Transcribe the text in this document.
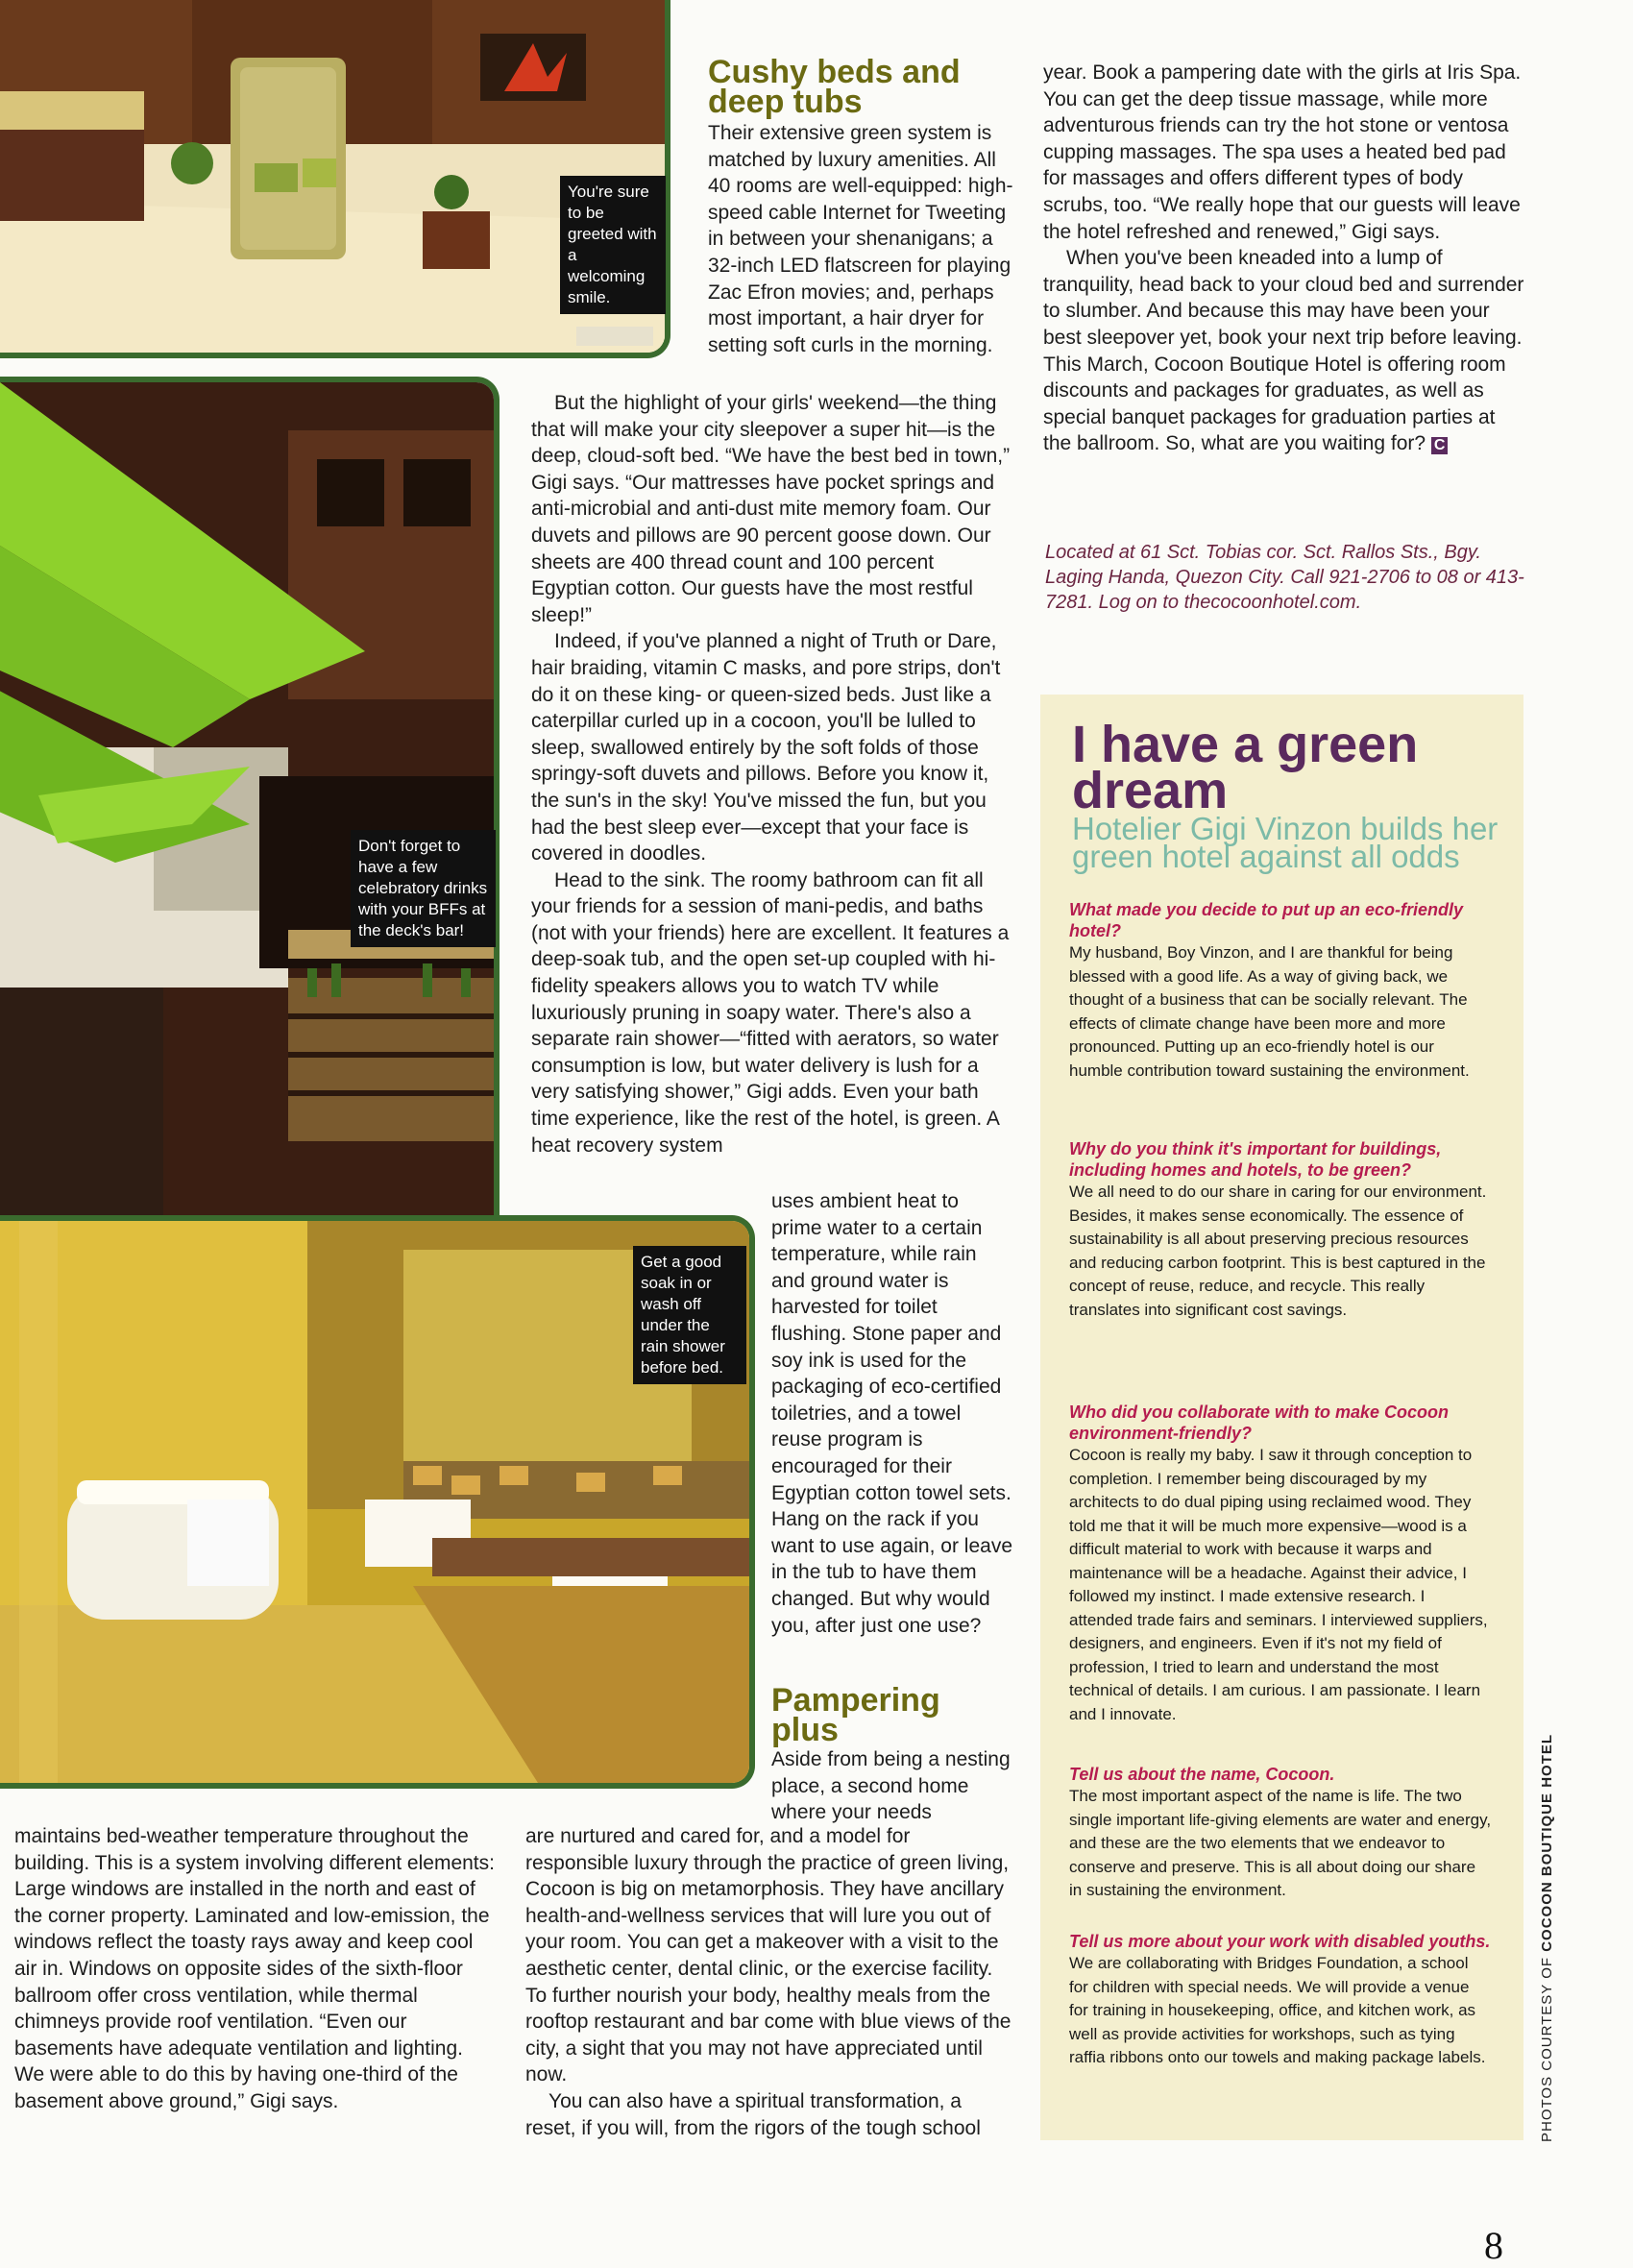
You're sure to be greeted with a welcoming smile.
Don't forget to have a few celebratory drinks with your BFFs at the deck's bar!
Get a good soak in or wash off under the rain shower before bed.
Cushy beds and deep tubs

Their extensive green system is matched by luxury amenities. All 40 rooms are well-equipped: high-speed cable Internet for Tweeting in between your shenanigans; a 32-inch LED flatscreen for playing Zac Efron movies; and, perhaps most important, a hair dryer for setting soft curls in the morning.

But the highlight of your girls' weekend—the thing that will make your city sleepover a super hit—is the deep, cloud-soft bed. “We have the best bed in town,” Gigi says. “Our mattresses have pocket springs and anti-microbial and anti-dust mite memory foam. Our duvets and pillows are 90 percent goose down. Our sheets are 400 thread count and 100 percent Egyptian cotton. Our guests have the most restful sleep!”

Indeed, if you've planned a night of Truth or Dare, hair braiding, vitamin C masks, and pore strips, don't do it on these king- or queen-sized beds. Just like a caterpillar curled up in a cocoon, you'll be lulled to sleep, swallowed entirely by the soft folds of those springy-soft duvets and pillows. Before you know it, the sun's in the sky! You've missed the fun, but you had the best sleep ever—except that your face is covered in doodles.

Head to the sink. The roomy bathroom can fit all your friends for a session of mani-pedis, and baths (not with your friends) here are excellent. It features a deep-soak tub, and the open set-up coupled with hi-fidelity speakers allows you to watch TV while luxuriously pruning in soapy water. There's also a separate rain shower—“fitted with aerators, so water consumption is low, but water delivery is lush for a very satisfying shower,” Gigi adds. Even your bath time experience, like the rest of the hotel, is green. A heat recovery system

uses ambient heat to prime water to a certain temperature, while rain and ground water is harvested for toilet flushing. Stone paper and soy ink is used for the packaging of eco-certified toiletries, and a towel reuse program is encouraged for their Egyptian cotton towel sets. Hang on the rack if you want to use again, or leave in the tub to have them changed. But why would you, after just one use?

Pampering plus

Aside from being a nesting place, a second home where your needs

maintains bed-weather temperature throughout the building. This is a system involving different elements: Large windows are installed in the north and east of the corner property. Laminated and low-emission, the windows reflect the toasty rays away and keep cool air in. Windows on opposite sides of the sixth-floor ballroom offer cross ventilation, while thermal chimneys provide roof ventilation. “Even our basements have adequate ventilation and lighting. We were able to do this by having one-third of the basement above ground,” Gigi says.

are nurtured and cared for, and a model for responsible luxury through the practice of green living, Cocoon is big on metamorphosis. They have ancillary health-and-wellness services that will lure you out of your room. You can get a makeover with a visit to the aesthetic center, dental clinic, or the exercise facility. To further nourish your body, healthy meals from the rooftop restaurant and bar come with blue views of the city, a sight that you may not have appreciated until now.

You can also have a spiritual transformation, a reset, if you will, from the rigors of the tough school

year. Book a pampering date with the girls at Iris Spa. You can get the deep tissue massage, while more adventurous friends can try the hot stone or ventosa cupping massages. The spa uses a heated bed pad for massages and offers different types of body scrubs, too. “We really hope that our guests will leave the hotel refreshed and renewed,” Gigi says.

When you've been kneaded into a lump of tranquility, head back to your cloud bed and surrender to slumber. And because this may have been your best sleepover yet, book your next trip before leaving. This March, Cocoon Boutique Hotel is offering room discounts and packages for graduates, as well as special banquet packages for graduation parties at the ballroom. So, what are you waiting for? C

Located at 61 Sct. Tobias cor. Sct. Rallos Sts., Bgy. Laging Handa, Quezon City. Call 921-2706 to 08 or 413-7281. Log on to thecocoonhotel.com.
I have a green dream
Hotelier Gigi Vinzon builds her green hotel against all odds
What made you decide to put up an eco-friendly hotel?
My husband, Boy Vinzon, and I are thankful for being blessed with a good life. As a way of giving back, we thought of a business that can be socially relevant. The effects of climate change have been more and more pronounced. Putting up an eco-friendly hotel is our humble contribution toward sustaining the environment.
Why do you think it's important for buildings, including homes and hotels, to be green?
We all need to do our share in caring for our environment. Besides, it makes sense economically. The essence of sustainability is all about preserving precious resources and reducing carbon footprint. This is best captured in the concept of reuse, reduce, and recycle. This really translates into significant cost savings.
Who did you collaborate with to make Cocoon environment-friendly?
Cocoon is really my baby. I saw it through conception to completion. I remember being discouraged by my architects to do dual piping using reclaimed wood. They told me that it will be much more expensive—wood is a difficult material to work with because it warps and maintenance will be a headache. Against their advice, I followed my instinct. I made extensive research. I attended trade fairs and seminars. I interviewed suppliers, designers, and engineers. Even if it's not my field of profession, I tried to learn and understand the most technical of details. I am curious. I am passionate. I learn and I innovate.
Tell us about the name, Cocoon.
The most important aspect of the name is life. The two single important life-giving elements are water and energy, and these are the two elements that we endeavor to conserve and preserve. This is all about doing our share in sustaining the environment.
Tell us more about your work with disabled youths.
We are collaborating with Bridges Foundation, a school for children with special needs. We will provide a venue for training in housekeeping, office, and kitchen work, as well as provide activities for workshops, such as tying raffia ribbons onto our towels and making package labels.	PHOTOS COURTESY OF COCOON BOUTIQUE HOTEL
8
